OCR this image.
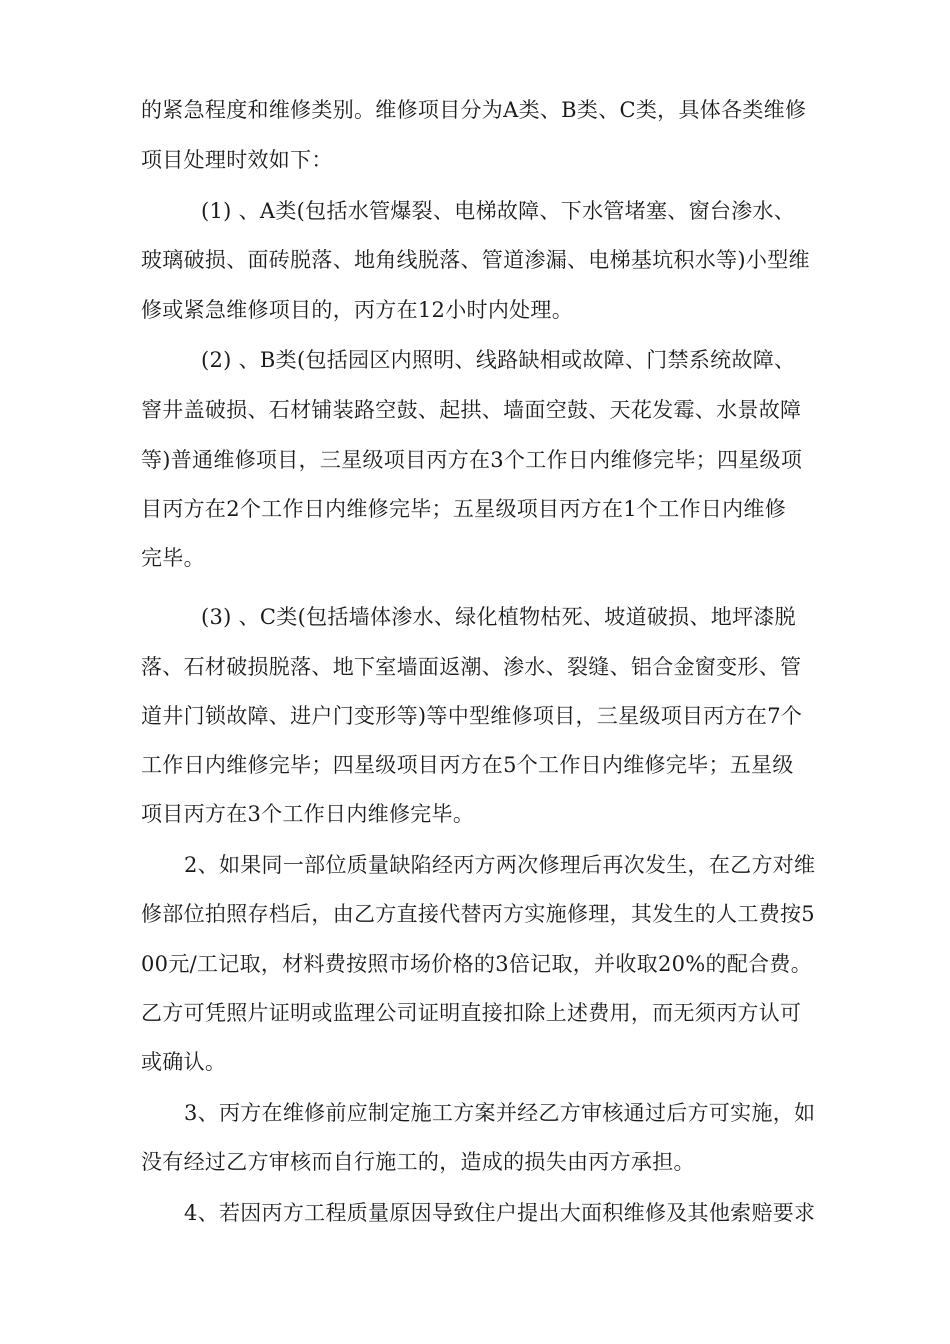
的紧急程度和维修类别。维修项目分为A类、B类、C类，具体各类维修
项目处理时效如下：
(1) 、A类(包括水管爆裂、电梯故障、下水管堵塞、窗台渗水、
玻璃破损、面砖脱落、地角线脱落、管道渗漏、电梯基坑积水等)小型维
修或紧急维修项目的，丙方在12小时内处理。
(2) 、B类(包括园区内照明、线路缺相或故障、门禁系统故障、
窨井盖破损、石材铺装路空鼓、起拱、墙面空鼓、天花发霉、水景故障
等)普通维修项目，三星级项目丙方在3个工作日内维修完毕；四星级项
目丙方在2个工作日内维修完毕；五星级项目丙方在1个工作日内维修
完毕。
(3) 、C类(包括墙体渗水、绿化植物枯死、坡道破损、地坪漆脱
落、石材破损脱落、地下室墙面返潮、渗水、裂缝、铝合金窗变形、管
道井门锁故障、进户门变形等)等中型维修项目，三星级项目丙方在7个
工作日内维修完毕；四星级项目丙方在5个工作日内维修完毕；五星级
项目丙方在3个工作日内维修完毕。
2、如果同一部位质量缺陷经丙方两次修理后再次发生，在乙方对维
修部位拍照存档后，由乙方直接代替丙方实施修理，其发生的人工费按5
00元/工记取，材料费按照市场价格的3倍记取，并收取20%的配合费。
乙方可凭照片证明或监理公司证明直接扣除上述费用，而无须丙方认可
或确认。
3、丙方在维修前应制定施工方案并经乙方审核通过后方可实施，如
没有经过乙方审核而自行施工的，造成的损失由丙方承担。
4、若因丙方工程质量原因导致住户提出大面积维修及其他索赔要求
